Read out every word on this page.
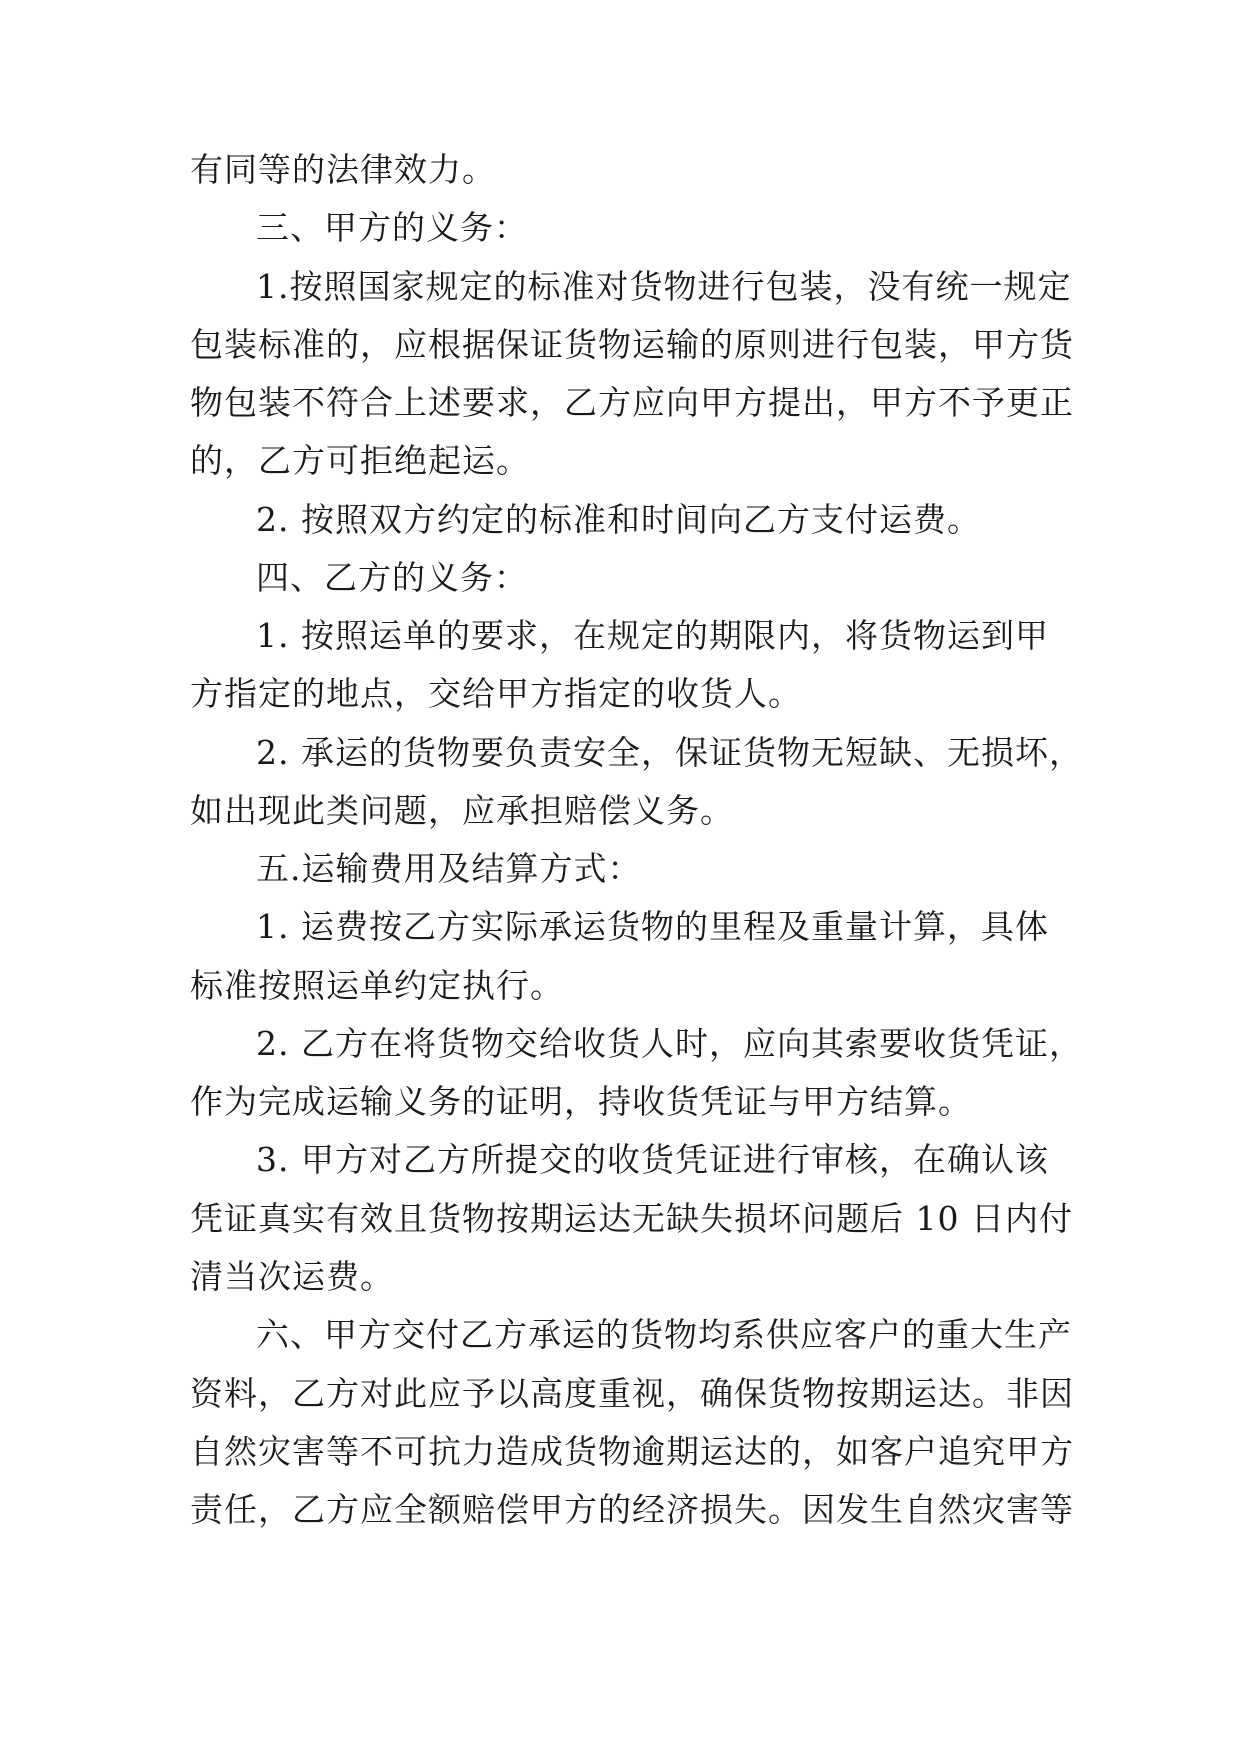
有同等的法律效力。
三、甲方的义务：
1.按照国家规定的标准对货物进行包装，没有统一规定
包装标准的，应根据保证货物运输的原则进行包装，甲方货
物包装不符合上述要求，乙方应向甲方提出，甲方不予更正
的，乙方可拒绝起运。
2. 按照双方约定的标准和时间向乙方支付运费。
四、乙方的义务：
1. 按照运单的要求，在规定的期限内，将货物运到甲
方指定的地点，交给甲方指定的收货人。
2. 承运的货物要负责安全，保证货物无短缺、无损坏，
如出现此类问题，应承担赔偿义务。
五.运输费用及结算方式：
1. 运费按乙方实际承运货物的里程及重量计算，具体
标准按照运单约定执行。
2. 乙方在将货物交给收货人时，应向其索要收货凭证，
作为完成运输义务的证明，持收货凭证与甲方结算。
3. 甲方对乙方所提交的收货凭证进行审核，在确认该
凭证真实有效且货物按期运达无缺失损坏问题后 10 日内付
清当次运费。
六、甲方交付乙方承运的货物均系供应客户的重大生产
资料，乙方对此应予以高度重视，确保货物按期运达。非因
自然灾害等不可抗力造成货物逾期运达的，如客户追究甲方
责任，乙方应全额赔偿甲方的经济损失。因发生自然灾害等
